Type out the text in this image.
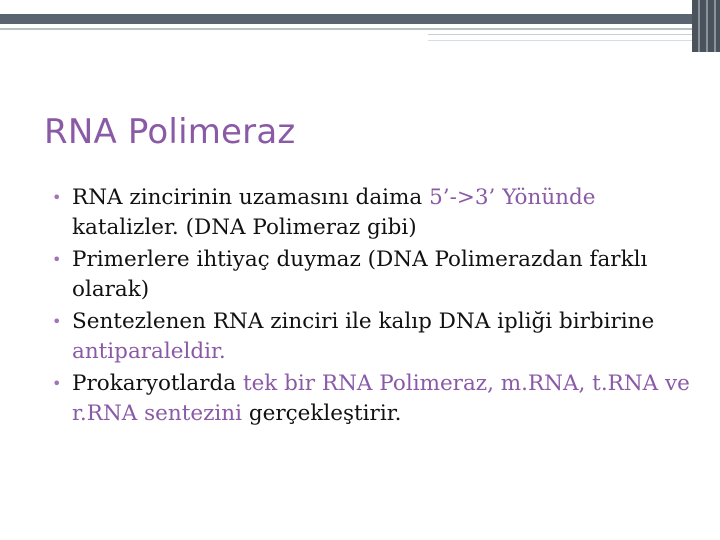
RNA Polimeraz
• RNA zincirinin uzamasını daima 5’->3’ Yönünde katalizler. (DNA Polimeraz gibi)
• Primerlere ihtiyaç duymaz (DNA Polimerazdan farklı olarak)
• Sentezlenen RNA zinciri ile kalıp DNA ipliği birbirine antiparaleldir.
• Prokaryotlarda tek bir RNA Polimeraz, m.RNA, t.RNA ve r.RNA sentezini gerçekleştirir.
